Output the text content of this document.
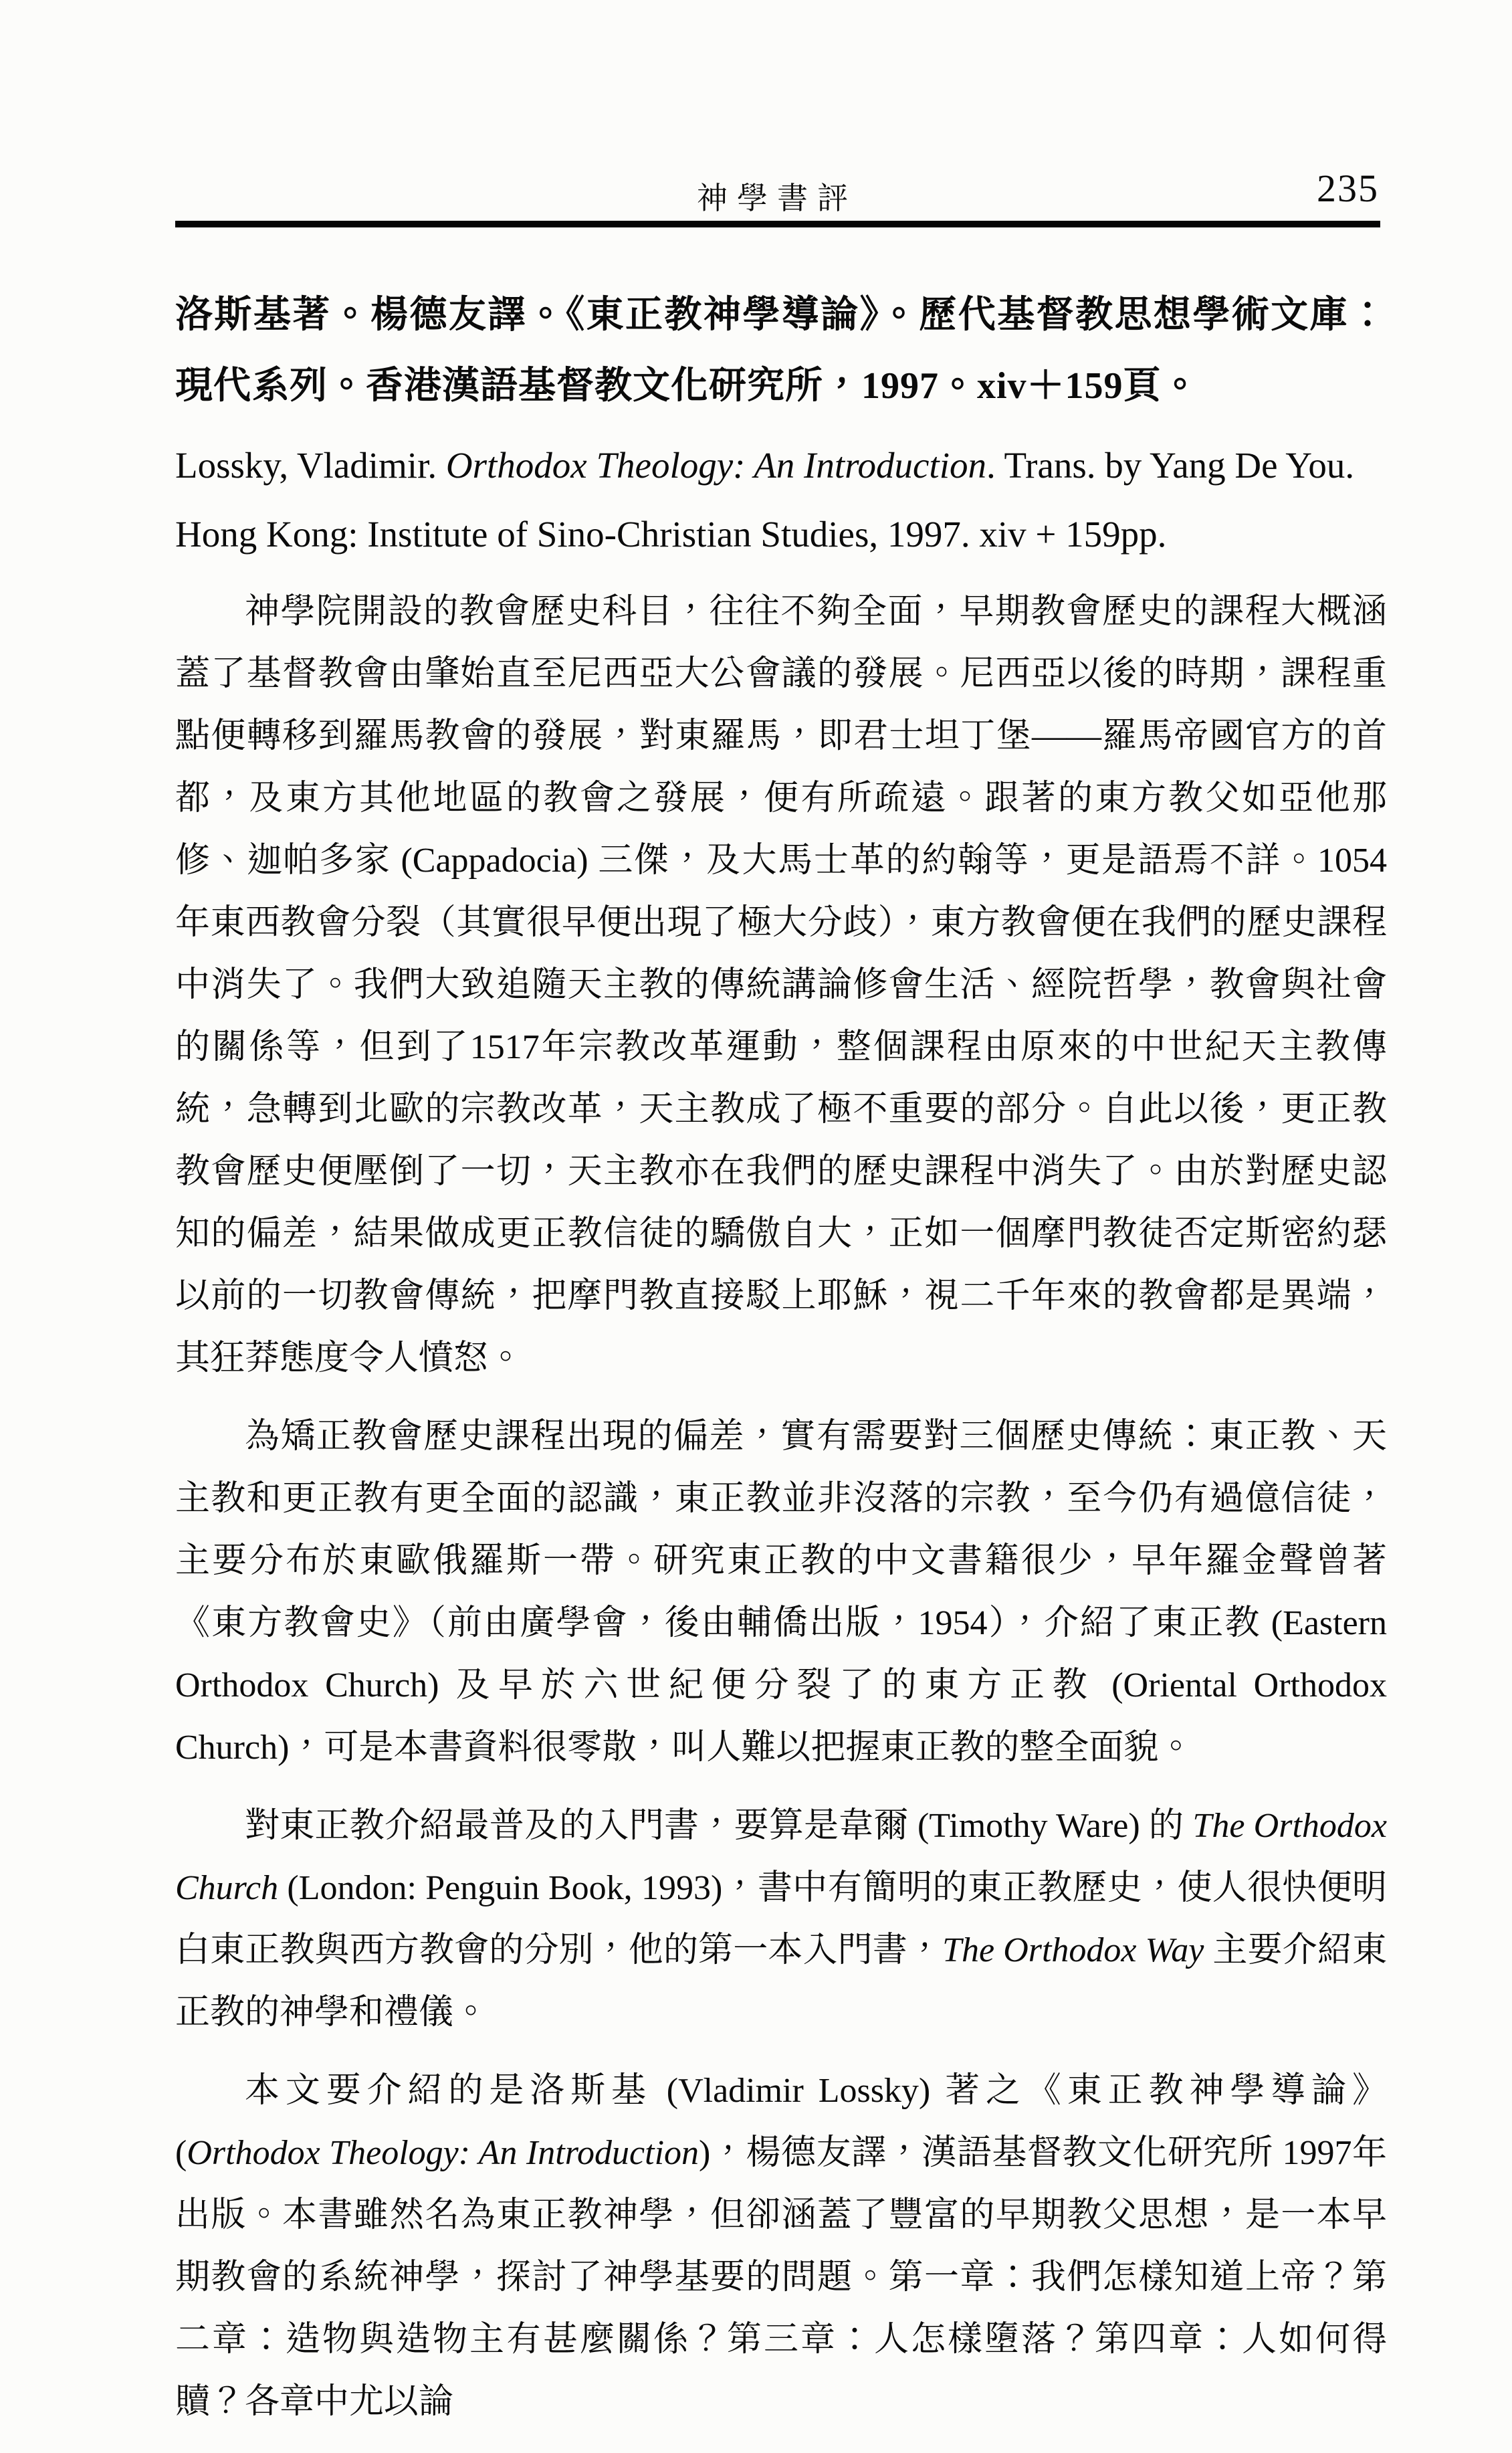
神學書評	235

洛斯基著。楊德友譯。《東正教神學導論》。歷代基督教思想學術文庫：現代系列。香港漢語基督教文化研究所，1997。xiv＋159頁。

Lossky, Vladimir. Orthodox Theology: An Introduction. Trans. by Yang De You. Hong Kong: Institute of Sino-Christian Studies, 1997. xiv + 159pp.

神學院開設的教會歷史科目，往往不夠全面，早期教會歷史的課程大概涵蓋了基督教會由肇始直至尼西亞大公會議的發展。尼西亞以後的時期，課程重點便轉移到羅馬教會的發展，對東羅馬，即君士坦丁堡——羅馬帝國官方的首都，及東方其他地區的教會之發展，便有所疏遠。跟著的東方教父如亞他那修、迦帕多家 (Cappadocia) 三傑，及大馬士革的約翰等，更是語焉不詳。1054年東西教會分裂（其實很早便出現了極大分歧），東方教會便在我們的歷史課程中消失了。我們大致追隨天主教的傳統講論修會生活、經院哲學，教會與社會的關係等，但到了1517年宗教改革運動，整個課程由原來的中世紀天主教傳統，急轉到北歐的宗教改革，天主教成了極不重要的部分。自此以後，更正教教會歷史便壓倒了一切，天主教亦在我們的歷史課程中消失了。由於對歷史認知的偏差，結果做成更正教信徒的驕傲自大，正如一個摩門教徒否定斯密約瑟以前的一切教會傳統，把摩門教直接駁上耶穌，視二千年來的教會都是異端，其狂莽態度令人憤怒。

為矯正教會歷史課程出現的偏差，實有需要對三個歷史傳統：東正教、天主教和更正教有更全面的認識，東正教並非沒落的宗教，至今仍有過億信徒，主要分布於東歐俄羅斯一帶。研究東正教的中文書籍很少，早年羅金聲曾著《東方教會史》（前由廣學會，後由輔僑出版，1954），介紹了東正教 (Eastern Orthodox Church) 及早於六世紀便分裂了的東方正教 (Oriental Orthodox Church)，可是本書資料很零散，叫人難以把握東正教的整全面貌。

對東正教介紹最普及的入門書，要算是韋爾 (Timothy Ware) 的 The Orthodox Church (London: Penguin Book, 1993)，書中有簡明的東正教歷史，使人很快便明白東正教與西方教會的分別，他的第一本入門書，The Orthodox Way 主要介紹東正教的神學和禮儀。

本文要介紹的是洛斯基 (Vladimir Lossky) 著之《東正教神學導論》(Orthodox Theology: An Introduction)，楊德友譯，漢語基督教文化研究所 1997年出版。本書雖然名為東正教神學，但卻涵蓋了豐富的早期教父思想，是一本早期教會的系統神學，探討了神學基要的問題。第一章：我們怎樣知道上帝？第二章：造物與造物主有甚麼關係？第三章：人怎樣墮落？第四章：人如何得贖？各章中尤以論
